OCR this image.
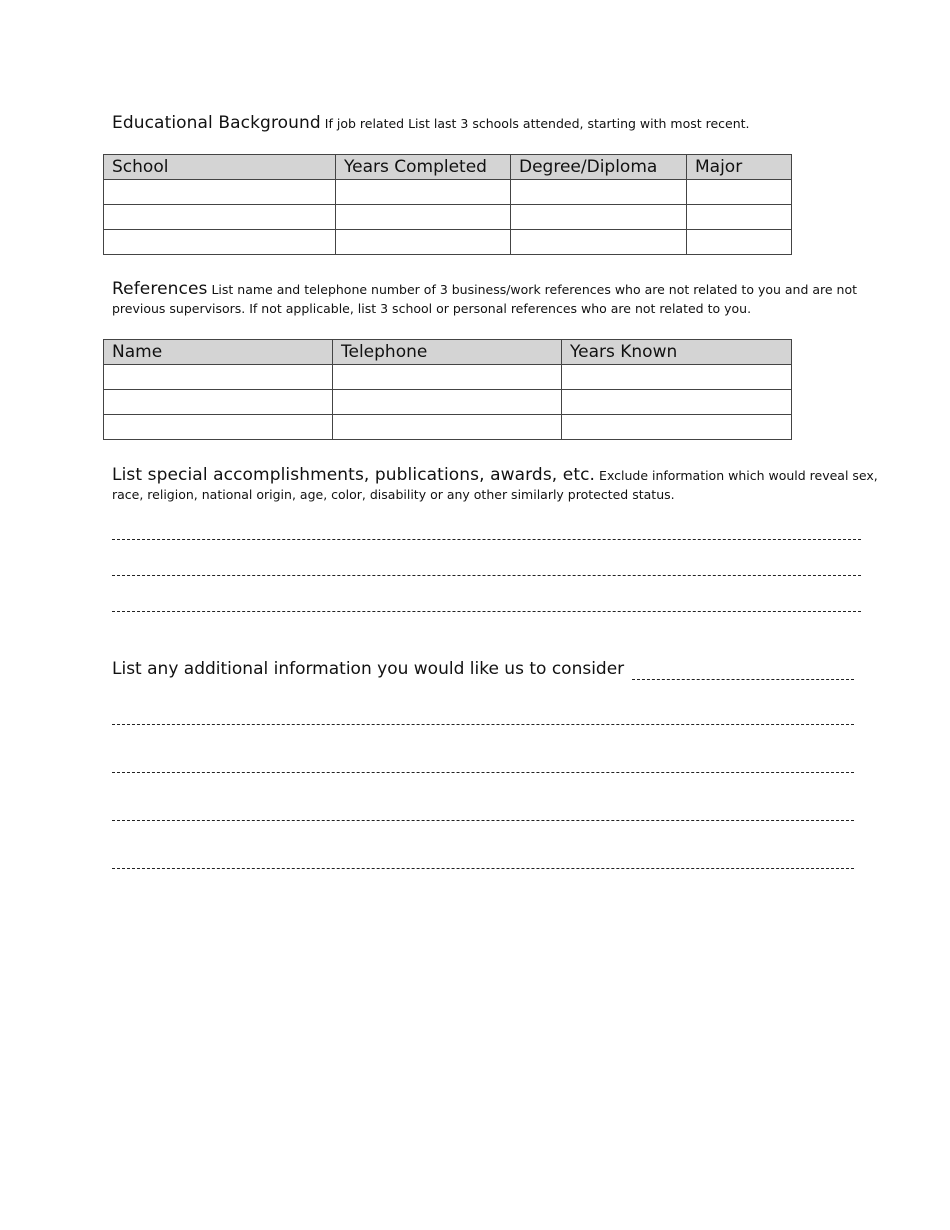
Educational Background If job related List last 3 schools attended, starting with most recent.
School	Years Completed	Degree/Diploma	Major

References List name and telephone number of 3 business/work references who are not related to you and are not previous supervisors. If not applicable, list 3 school or personal references who are not related to you.
Name	Telephone	Years Known

List special accomplishments, publications, awards, etc. Exclude information which would reveal sex, race, religion, national origin, age, color, disability or any other similarly protected status.
List any additional information you would like us to consider
